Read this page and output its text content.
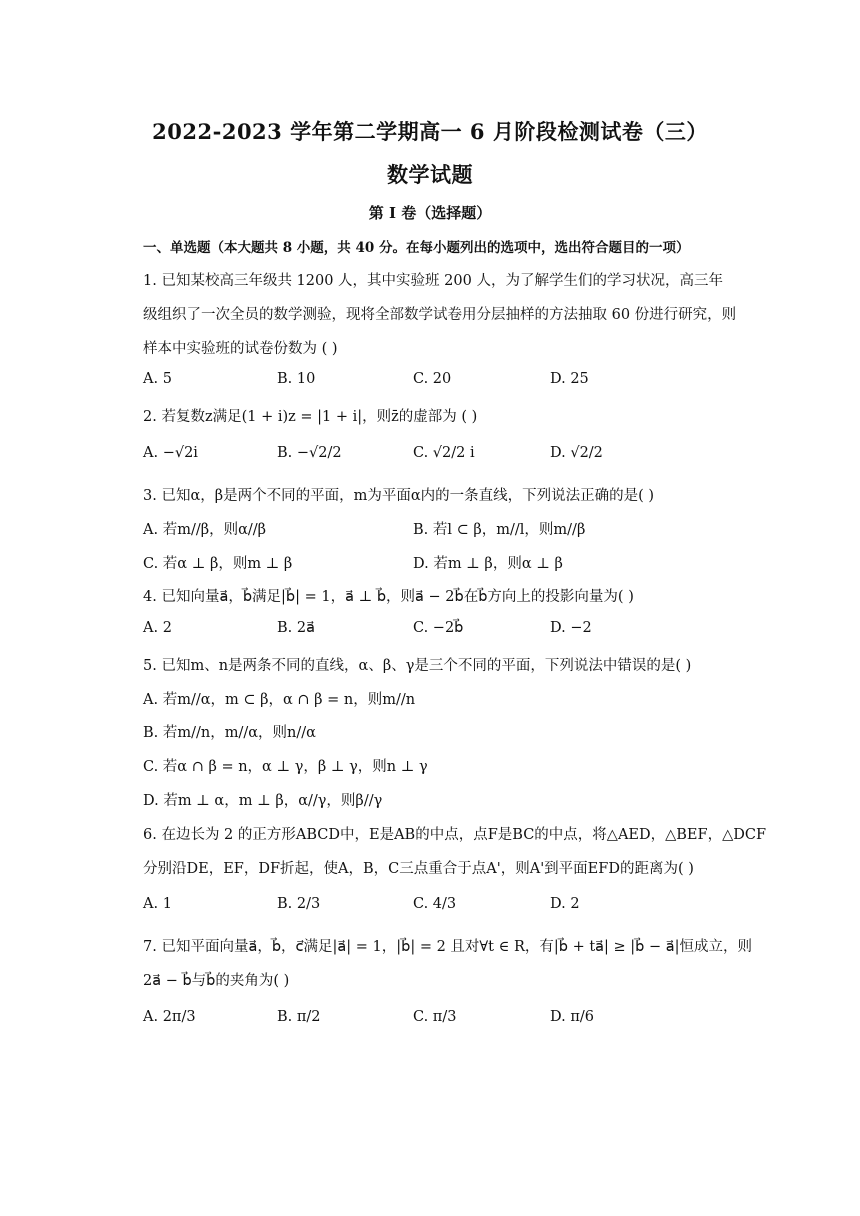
2022-2023 学年第二学期高一 6 月阶段检测试卷（三）
数学试题
第 I 卷（选择题）
一、单选题（本大题共 8 小题，共 40 分。在每小题列出的选项中，选出符合题目的一项）
1. 已知某校高三年级共 1200 人，其中实验班 200 人，为了解学生们的学习状况，高三年
级组织了一次全员的数学测验，现将全部数学试卷用分层抽样的方法抽取 60 份进行研究，则
样本中实验班的试卷份数为 ( )
A. 5	B. 10	C. 20	D. 25
2. 若复数z满足(1 + i)z = |1 + i|，则z̄的虚部为 ( )
A. −√2i	B. −√2/2	C. √2/2 i	D. √2/2
3. 已知α，β是两个不同的平面，m为平面α内的一条直线，下列说法正确的是( )
A. 若m//β，则α//β	B. 若l ⊂ β，m//l，则m//β
C. 若α ⊥ β，则m ⊥ β	D. 若m ⊥ β，则α ⊥ β
4. 已知向量a⃗，b⃗满足|b⃗| = 1，a⃗ ⊥ b⃗，则a⃗ − 2b⃗在b⃗方向上的投影向量为( )
A. 2	B. 2a⃗	C. −2b⃗	D. −2
5. 已知m、n是两条不同的直线，α、β、γ是三个不同的平面，下列说法中错误的是( )
A. 若m//α，m ⊂ β，α ∩ β = n，则m//n
B. 若m//n，m//α，则n//α
C. 若α ∩ β = n，α ⊥ γ，β ⊥ γ，则n ⊥ γ
D. 若m ⊥ α，m ⊥ β，α//γ，则β//γ
6. 在边长为 2 的正方形ABCD中，E是AB的中点，点F是BC的中点，将△AED，△BEF，△DCF
分别沿DE，EF，DF折起，使A，B，C三点重合于点A'，则A'到平面EFD的距离为( )
A. 1	B. 2/3	C. 4/3	D. 2
7. 已知平面向量a⃗，b⃗，c⃗满足|a⃗| = 1，|b⃗| = 2 且对∀t ∈ R，有|b⃗ + ta⃗| ≥ |b⃗ − a⃗|恒成立，则
2a⃗ − b⃗与b⃗的夹角为( )
A. 2π/3	B. π/2	C. π/3	D. π/6
